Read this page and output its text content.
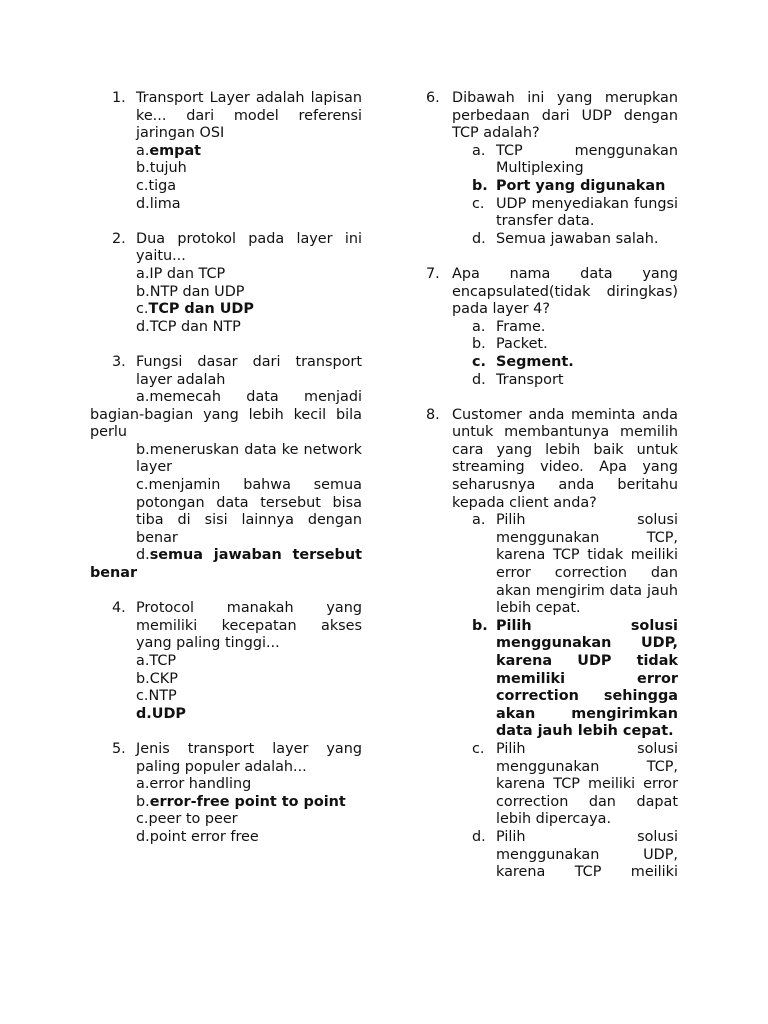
1. Transport Layer adalah lapisan ke... dari model referensi jaringan OSI
a.empat
b.tujuh
c.tiga
d.lima
2. Dua protokol pada layer ini yaitu...
a.IP dan TCP
b.NTP dan UDP
c.TCP dan UDP
d.TCP dan NTP
3. Fungsi dasar dari transport layer adalah
a.memecah data menjadi
bagian-bagian yang lebih kecil bila perlu
b.meneruskan data ke network layer
c.menjamin bahwa semua potongan data tersebut bisa tiba di sisi lainnya dengan benar
d.semua jawaban tersebut
benar
4. Protocol manakah yang memiliki kecepatan akses yang paling tinggi...
a.TCP
b.CKP
c.NTP
d.UDP
5. Jenis transport layer yang paling populer adalah...
a.error handling
b.error-free point to point
c.peer to peer
d.point error free
6. Dibawah ini yang merupkan perbedaan dari UDP dengan TCP adalah?
a. TCP menggunakan Multiplexing
b. Port yang digunakan
c. UDP menyediakan fungsi transfer data.
d. Semua jawaban salah.
7. Apa nama data yang encapsulated(tidak diringkas) pada layer 4?
a. Frame.
b. Packet.
c. Segment.
d. Transport
8. Customer anda meminta anda untuk membantunya memilih cara yang lebih baik untuk streaming video. Apa yang seharusnya anda beritahu kepada client anda?
a. Pilih solusi menggunakan TCP, karena TCP tidak meiliki error correction dan akan mengirim data jauh lebih cepat.
b. Pilih solusi menggunakan UDP, karena UDP tidak memiliki error correction sehingga akan mengirimkan data jauh lebih cepat.
c. Pilih solusi menggunakan TCP, karena TCP meiliki error correction dan dapat lebih dipercaya.
d. Pilih solusi menggunakan UDP, karena TCP meiliki
